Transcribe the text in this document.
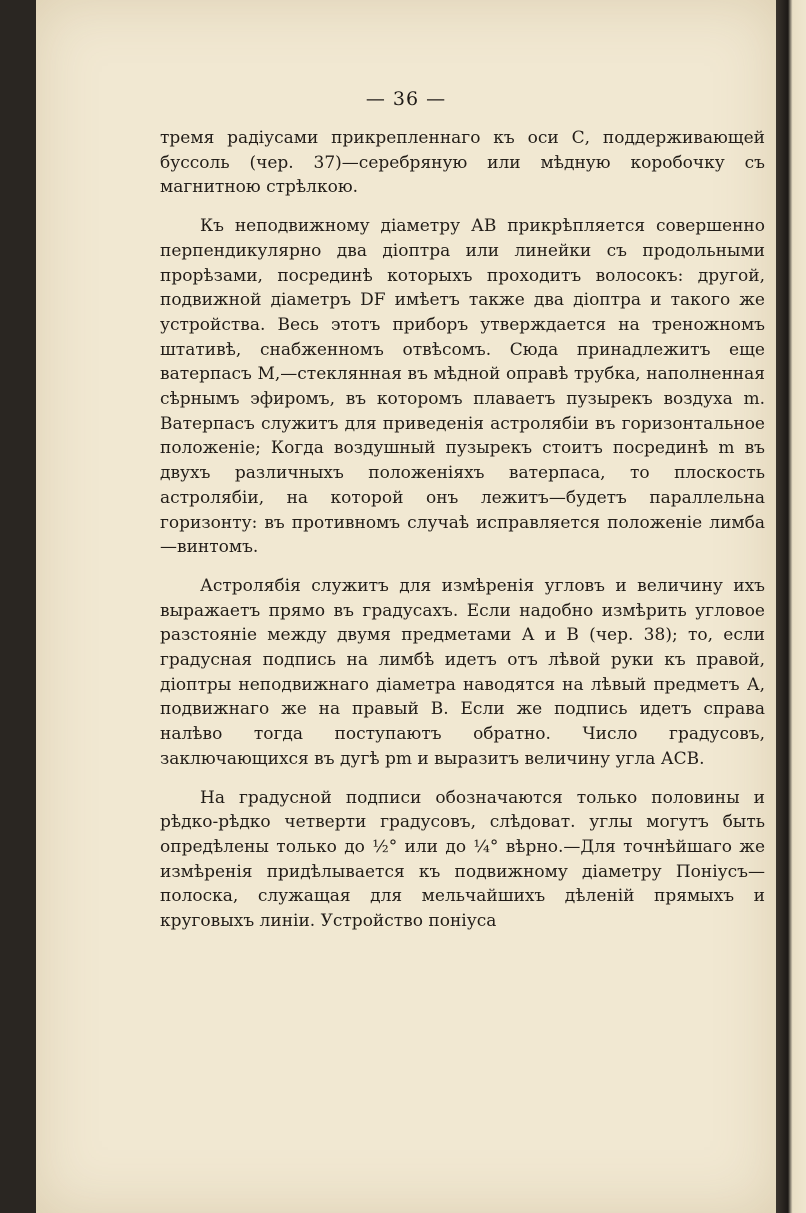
— 36 —

тремя радіусами прикрепленнаго къ оси С, поддерживающей буссоль (чер. 37)—серебряную или мѣдную коробочку съ магнитною стрѣлкою.

Къ неподвижному діаметру АВ прикрѣпляется совершенно перпендикулярно два діоптра или линейки съ продольными прорѣзами, посрединѣ которыхъ проходитъ волосокъ: другой, подвижной діаметръ DF имѣетъ также два діоптра и такого же устройства. Весь этотъ приборъ утверждается на треножномъ штативѣ, снабженномъ отвѣсомъ. Сюда принадлежитъ еще ватерпасъ М,—стеклянная въ мѣдной оправѣ трубка, наполненная сѣрнымъ эфиромъ, въ которомъ плаваетъ пузырекъ воздуха m. Ватерпасъ служитъ для приведенія астролябіи въ горизонтальное положеніе; Когда воздушный пузырекъ стоитъ посрединѣ m въ двухъ различныхъ положеніяхъ ватерпаса, то плоскость астролябіи, на которой онъ лежитъ—будетъ параллельна горизонту: въ противномъ случаѣ исправляется положеніе лимба—винтомъ.

Астролябія служитъ для измѣренія угловъ и величину ихъ выражаетъ прямо въ градусахъ. Если надобно измѣрить угловое разстояніе между двумя предметами А и В (чер. 38); то, если градусная подпись на лимбѣ идетъ отъ лѣвой руки къ правой, діоптры неподвижнаго діаметра наводятся на лѣвый предметъ А, подвижнаго же на правый В. Если же подпись идетъ справа налѣво тогда поступаютъ обратно. Число градусовъ, заключающихся въ дугѣ pm и выразитъ величину угла АСВ.

На градусной подписи обозначаются только половины и рѣдко-рѣдко четверти градусовъ, слѣдоват. углы могутъ быть опредѣлены только до ½° или до ¼° вѣрно.—Для точнѣйшаго же измѣренія придѣлывается къ подвижному діаметру Поніусъ—полоска, служащая для мельчайшихъ дѣленій прямыхъ и круговыхъ линіи. Устройство поніуса
